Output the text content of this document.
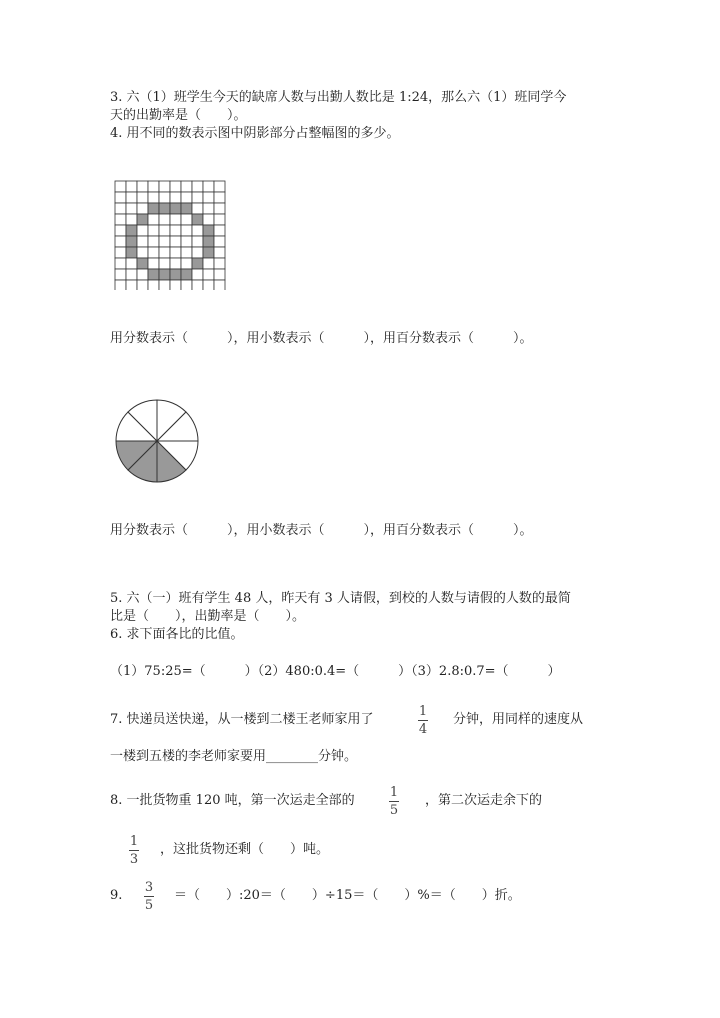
3. 六（1）班学生今天的缺席人数与出勤人数比是 1:24，那么六（1）班同学今
天的出勤率是（　　）。
4. 用不同的数表示图中阴影部分占整幅图的多少。
用分数表示（　　　），用小数表示（　　　），用百分数表示（　　　）。
用分数表示（　　　），用小数表示（　　　），用百分数表示（　　　）。
5. 六（一）班有学生 48 人，昨天有 3 人请假，到校的人数与请假的人数的最简
比是（　　），出勤率是（　　）。
6. 求下面各比的比值。
（1）75:25=（　　　）（2）480:0.4=（　　　）（3）2.8:0.7=（　　　）
7. 快递员送快递，从一楼到二楼王老师家用了
1
4
分钟，用同样的速度从
一楼到五楼的李老师家要用________分钟。
8. 一批货物重 120 吨，第一次运走全部的
1
5
，第二次运走余下的
1
3
，这批货物还剩（　　）吨。
9.
3
5
＝（　　）:20＝（　　）÷15＝（　　）%＝（　　）折。
